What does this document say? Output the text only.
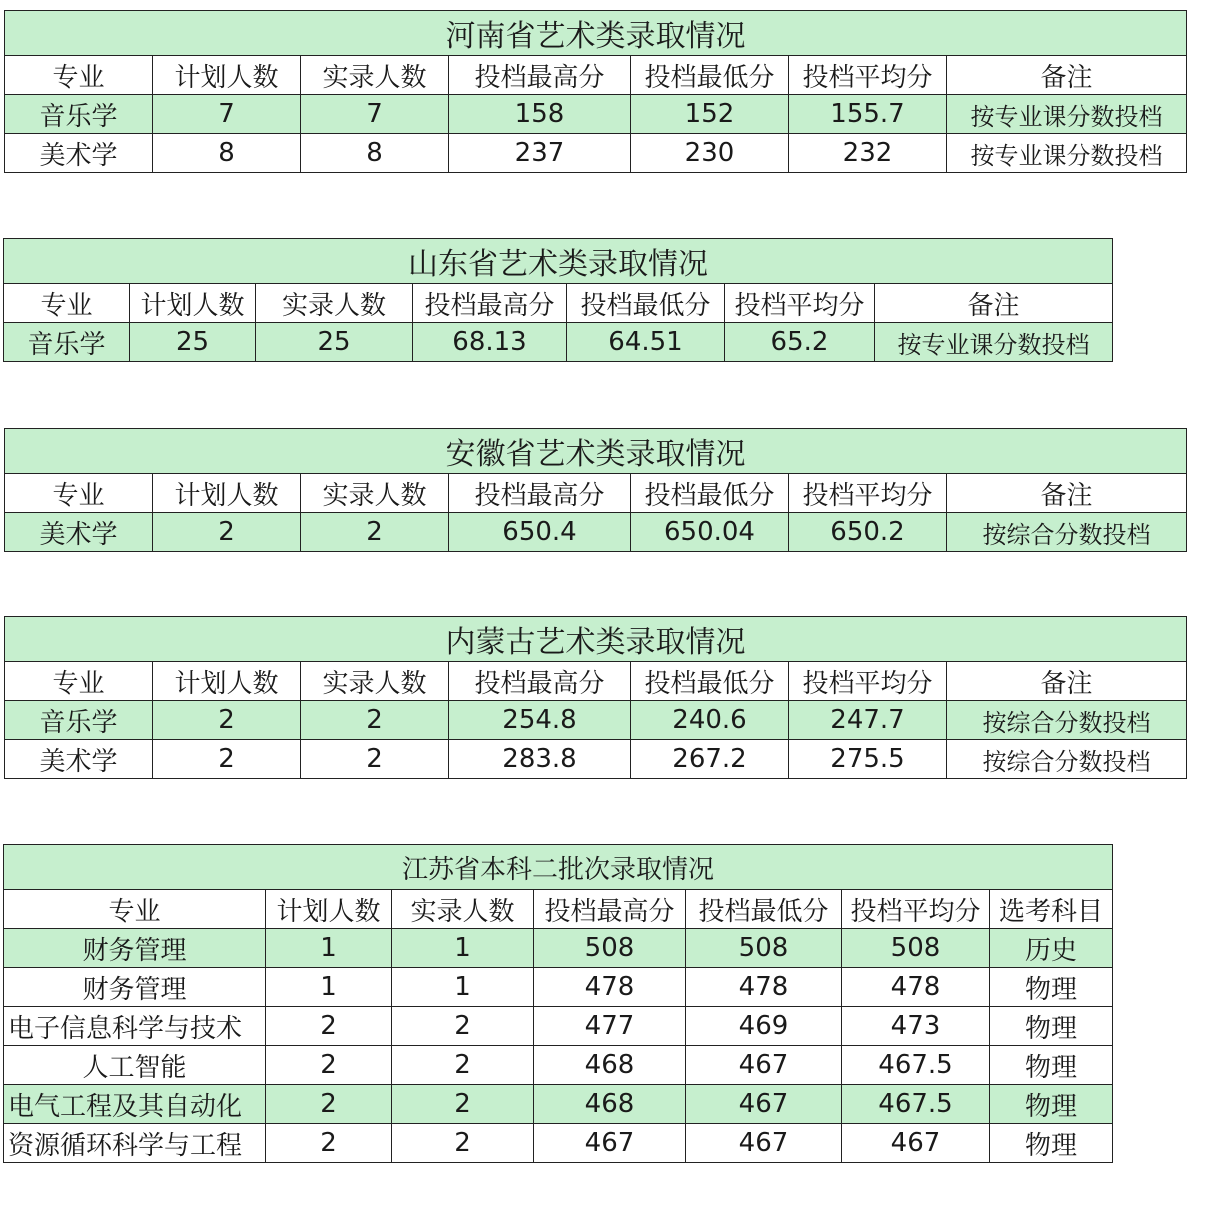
河南省艺术类录取情况						
专业	计划人数	实录人数	投档最高分	投档最低分	投档平均分	备注
音乐学	7	7	158	152	155.7	按专业课分数投档
美术学	8	8	237	230	232	按专业课分数投档
山东省艺术类录取情况						
专业	计划人数	实录人数	投档最高分	投档最低分	投档平均分	备注
音乐学	25	25	68.13	64.51	65.2	按专业课分数投档
安徽省艺术类录取情况						
专业	计划人数	实录人数	投档最高分	投档最低分	投档平均分	备注
美术学	2	2	650.4	650.04	650.2	按综合分数投档
内蒙古艺术类录取情况						
专业	计划人数	实录人数	投档最高分	投档最低分	投档平均分	备注
音乐学	2	2	254.8	240.6	247.7	按综合分数投档
美术学	2	2	283.8	267.2	275.5	按综合分数投档
江苏省本科二批次录取情况						
专业	计划人数	实录人数	投档最高分	投档最低分	投档平均分	选考科目
财务管理	1	1	508	508	508	历史
财务管理	1	1	478	478	478	物理
电子信息科学与技术	2	2	477	469	473	物理
人工智能	2	2	468	467	467.5	物理
电气工程及其自动化	2	2	468	467	467.5	物理
资源循环科学与工程	2	2	467	467	467	物理
